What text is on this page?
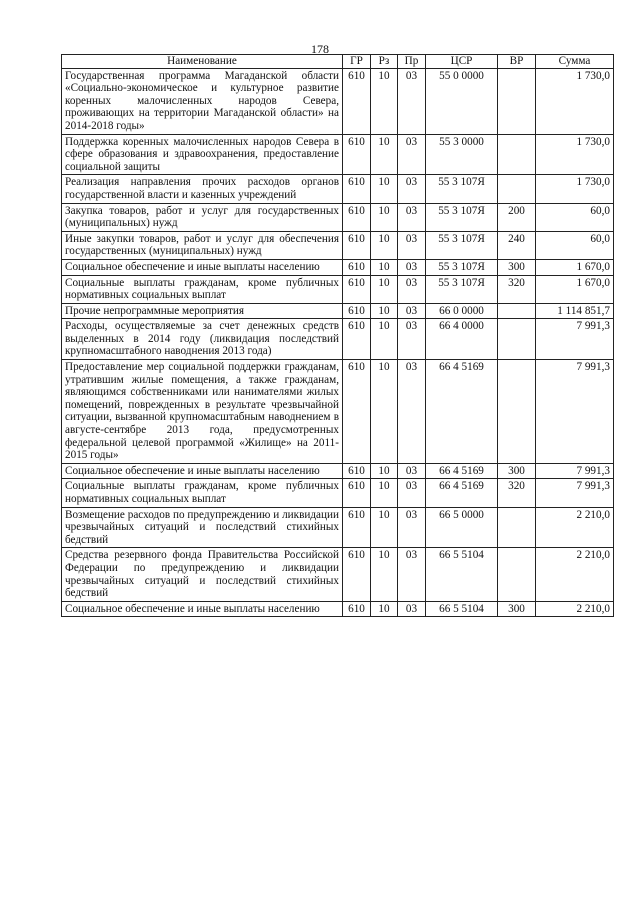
178
Наименование	ГР	Рз	Пр	ЦСР	ВР	Сумма
Государственная программа Магаданской области «Социально-экономическое и культурное развитие коренных малочисленных народов Севера, проживающих на территории Магаданской области» на 2014-2018 годы»	610	10	03	55 0 0000		1 730,0
Поддержка коренных малочисленных народов Севера в сфере образования и здравоохранения, предоставление социальной защиты	610	10	03	55 3 0000		1 730,0
Реализация направления прочих расходов органов государственной власти и казенных учреждений	610	10	03	55 3 107Я		1 730,0
Закупка товаров, работ и услуг для государственных (муниципальных) нужд	610	10	03	55 3 107Я	200	60,0
Иные закупки товаров, работ и услуг для обеспечения государственных (муниципальных) нужд	610	10	03	55 3 107Я	240	60,0
Социальное обеспечение и иные выплаты населению	610	10	03	55 3 107Я	300	1 670,0
Социальные выплаты гражданам, кроме публичных нормативных социальных выплат	610	10	03	55 3 107Я	320	1 670,0
Прочие непрограммные мероприятия	610	10	03	66 0 0000		1 114 851,7
Расходы, осуществляемые за счет денежных средств выделенных в 2014 году (ликвидация последствий крупномасштабного наводнения 2013 года)	610	10	03	66 4 0000		7 991,3
Предоставление мер социальной поддержки гражданам, утратившим жилые помещения, а также гражданам, являющимся собственниками или нанимателями жилых помещений, поврежденных в результате чрезвычайной ситуации, вызванной крупномасштабным наводнением в августе-сентябре 2013 года, предусмотренных федеральной целевой программой «Жилище» на 2011-2015 годы»	610	10	03	66 4 5169		7 991,3
Социальное обеспечение и иные выплаты населению	610	10	03	66 4 5169	300	7 991,3
Социальные выплаты гражданам, кроме публичных нормативных социальных выплат	610	10	03	66 4 5169	320	7 991,3
Возмещение расходов по предупреждению и ликвидации чрезвычайных ситуаций и последствий стихийных бедствий	610	10	03	66 5 0000		2 210,0
Средства резервного фонда Правительства Российской Федерации по предупреждению и ликвидации чрезвычайных ситуаций и последствий стихийных бедствий	610	10	03	66 5 5104		2 210,0
Социальное обеспечение и иные выплаты населению	610	10	03	66 5 5104	300	2 210,0
